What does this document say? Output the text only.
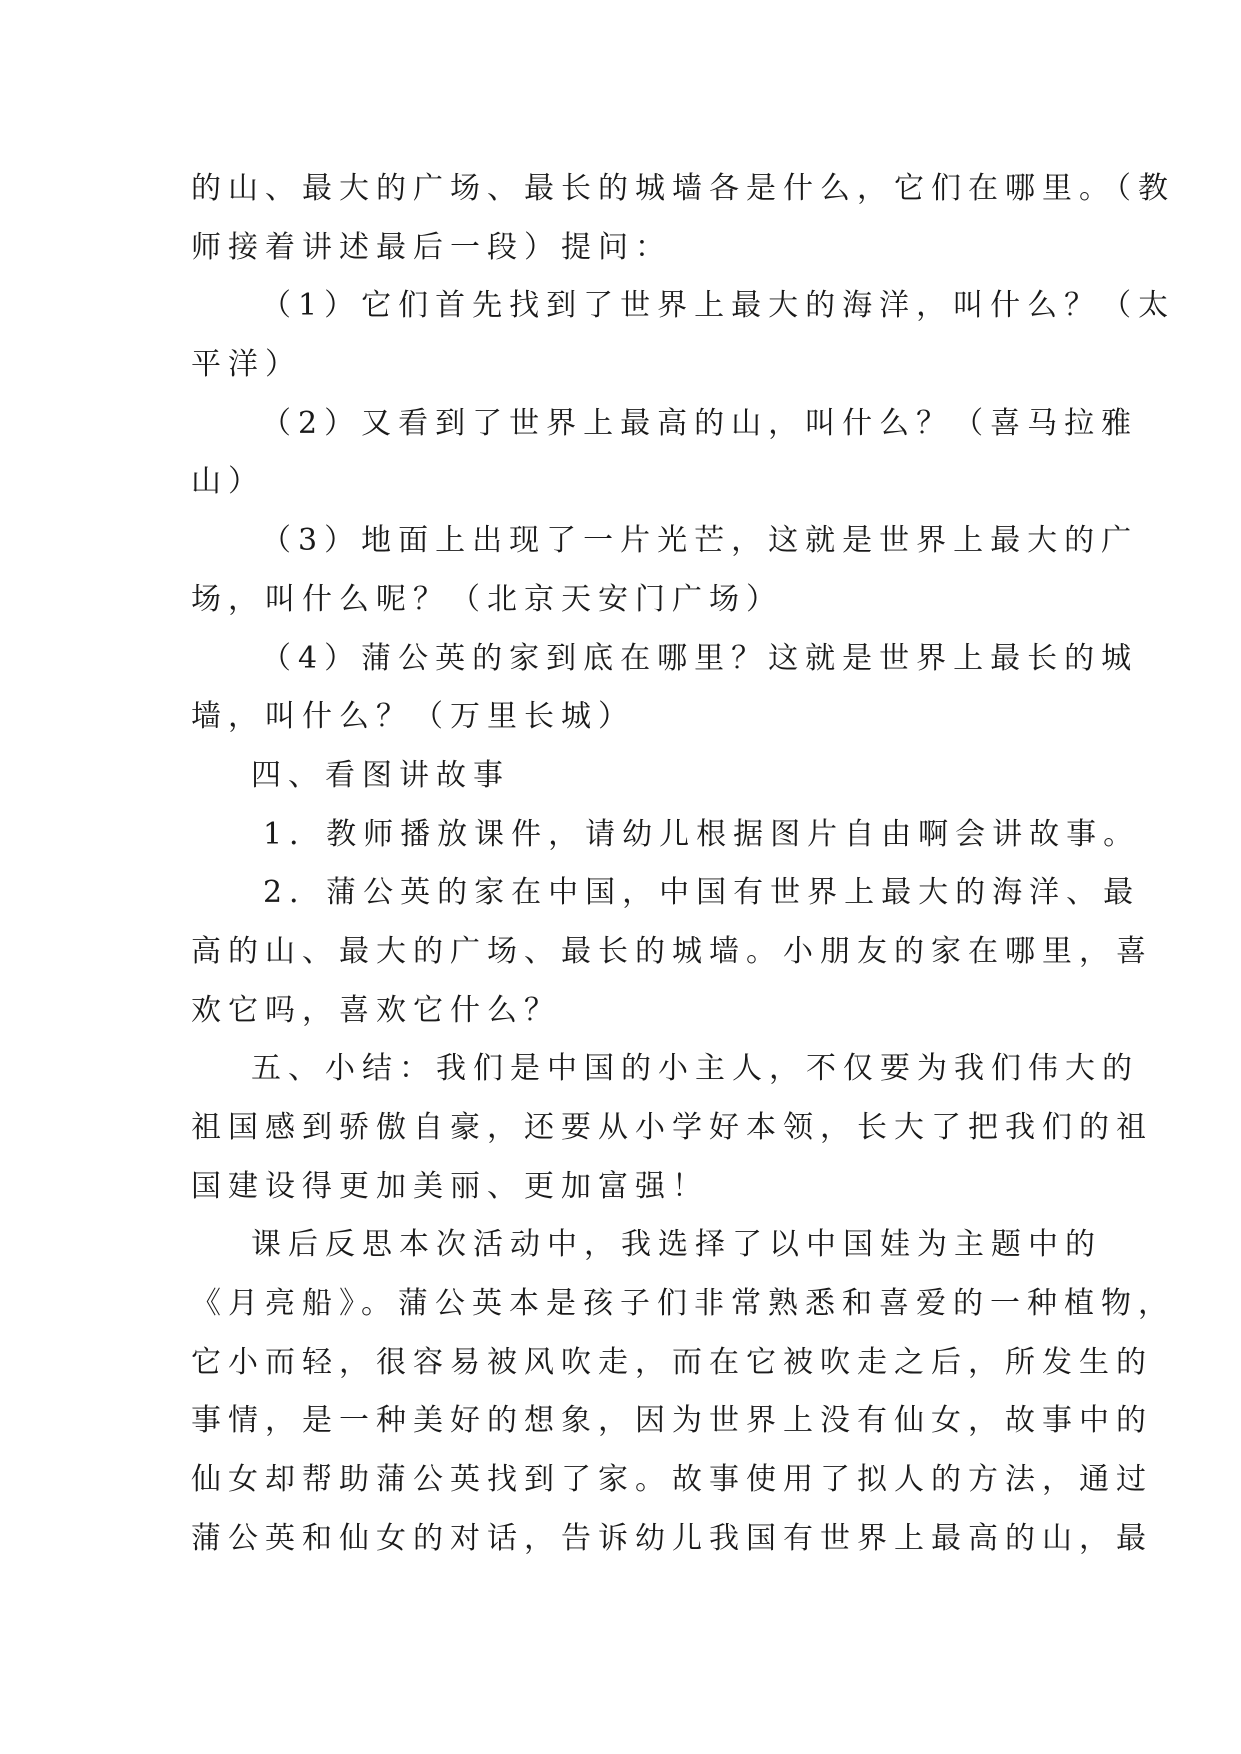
的山、最大的广场、最长的城墙各是什么，它们在哪里。（教
师接着讲述最后一段）提问：
（1）它们首先找到了世界上最大的海洋，叫什么？（太
平洋）
（2）又看到了世界上最高的山，叫什么？（喜马拉雅
山）
（3）地面上出现了一片光芒，这就是世界上最大的广
场，叫什么呢？（北京天安门广场）
（4）蒲公英的家到底在哪里？这就是世界上最长的城
墙，叫什么？（万里长城）
四、看图讲故事
1．教师播放课件，请幼儿根据图片自由啊会讲故事。
2．蒲公英的家在中国，中国有世界上最大的海洋、最
高的山、最大的广场、最长的城墙。小朋友的家在哪里，喜
欢它吗，喜欢它什么？
五、小结：我们是中国的小主人，不仅要为我们伟大的
祖国感到骄傲自豪，还要从小学好本领，长大了把我们的祖
国建设得更加美丽、更加富强！
课后反思本次活动中，我选择了以中国娃为主题中的
《月亮船》。蒲公英本是孩子们非常熟悉和喜爱的一种植物，
它小而轻，很容易被风吹走，而在它被吹走之后，所发生的
事情，是一种美好的想象，因为世界上没有仙女，故事中的
仙女却帮助蒲公英找到了家。故事使用了拟人的方法，通过
蒲公英和仙女的对话，告诉幼儿我国有世界上最高的山，最
